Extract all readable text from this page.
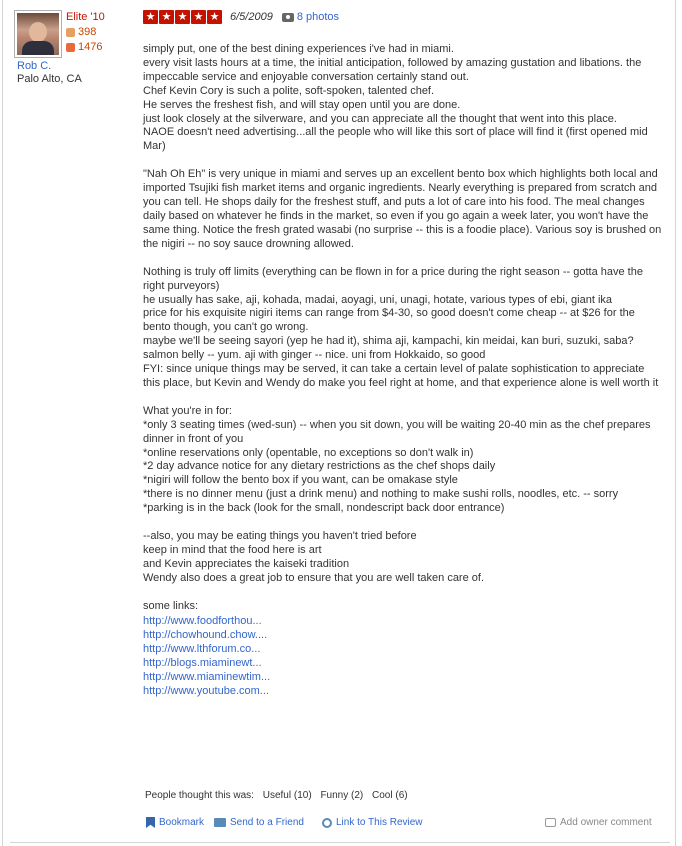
Elite '10
398
1476
Rob C.
Palo Alto, CA
★ ★ ★ ★ ★ 6/5/2009 8 photos

simply put, one of the best dining experiences i've had in miami.

every visit lasts hours at a time, the initial anticipation, followed by amazing gustation and libations. the impeccable service and enjoyable conversation certainly stand out.

Chef Kevin Cory is such a polite, soft-spoken, talented chef.

He serves the freshest fish, and will stay open until you are done.

just look closely at the silverware, and you can appreciate all the thought that went into this place.

NAOE doesn't need advertising...all the people who will like this sort of place will find it (first opened mid Mar)

"Nah Oh Eh" is very unique in miami and serves up an excellent bento box which highlights both local and imported Tsujiki fish market items and organic ingredients. Nearly everything is prepared from scratch and you can tell. He shops daily for the freshest stuff, and puts a lot of care into his food. The meal changes daily based on whatever he finds in the market, so even if you go again a week later, you won't have the same thing. Notice the fresh grated wasabi (no surprise -- this is a foodie place). Various soy is brushed on the nigiri -- no soy sauce drowning allowed.

Nothing is truly off limits (everything can be flown in for a price during the right season -- gotta have the right purveyors)

he usually has sake, aji, kohada, madai, aoyagi, uni, unagi, hotate, various types of ebi, giant ika

price for his exquisite nigiri items can range from $4-30, so good doesn't come cheap -- at $26 for the bento though, you can't go wrong.

maybe we'll be seeing sayori (yep he had it), shima aji, kampachi, kin meidai, kan buri, suzuki, saba?

salmon belly -- yum. aji with ginger -- nice. uni from Hokkaido, so good

FYI: since unique things may be served, it can take a certain level of palate sophistication to appreciate this place, but Kevin and Wendy do make you feel right at home, and that experience alone is well worth it

What you're in for:

*only 3 seating times (wed-sun) -- when you sit down, you will be waiting 20-40 min as the chef prepares dinner in front of you

*online reservations only (opentable, no exceptions so don't walk in)

*2 day advance notice for any dietary restrictions as the chef shops daily

*nigiri will follow the bento box if you want, can be omakase style

*there is no dinner menu (just a drink menu) and nothing to make sushi rolls, noodles, etc. -- sorry

*parking is in the back (look for the small, nondescript back door entrance)

--also, you may be eating things you haven't tried before

keep in mind that the food here is art

and Kevin appreciates the kaiseki tradition

Wendy also does a great job to ensure that you are well taken care of.

some links:

http://www.foodforthou...
http://chowhound.chow....
http://www.lthforum.co...
http://blogs.miaminewt...
http://www.miaminewtim...
http://www.youtube.com...
People thought this was: Useful (10) Funny (2) Cool (6)
Bookmark	Send to a Friend	Link to This Review	Add owner comment
